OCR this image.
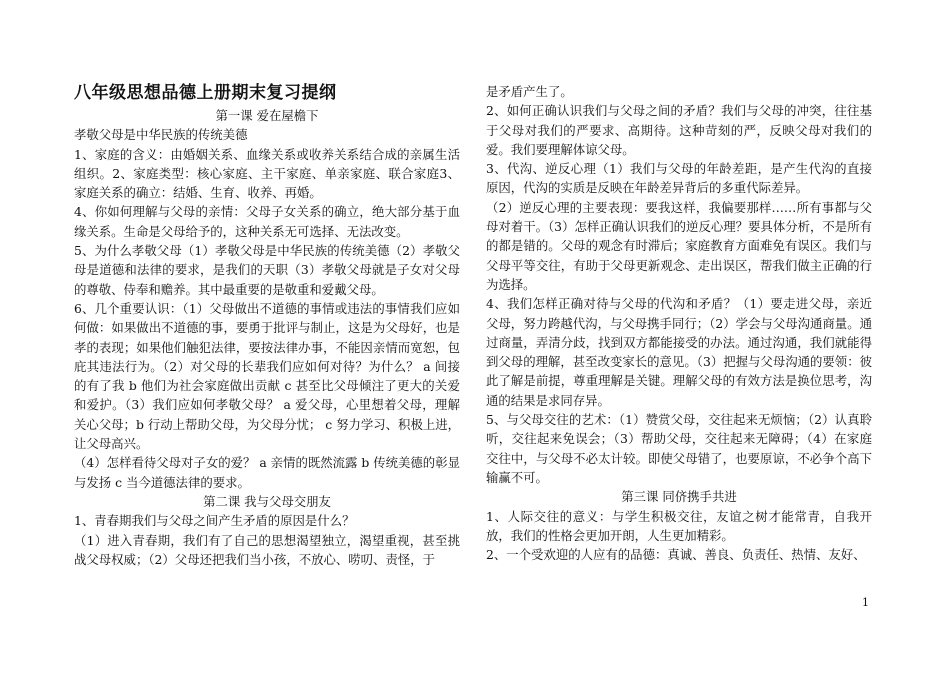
八年级思想品德上册期末复习提纲
第一课 爱在屋檐下
孝敬父母是中华民族的传统美德
1、家庭的含义：由婚姻关系、血缘关系或收养关系结合成的亲属生活组织。2、家庭类型：核心家庭、主干家庭、单亲家庭、联合家庭3、家庭关系的确立：结婚、生育、收养、再婚。
4、你如何理解与父母的亲情：父母子女关系的确立，绝大部分基于血缘关系。生命是父母给予的，这种关系无可选择、无法改变。
5、为什么孝敬父母（1）孝敬父母是中华民族的传统美德（2）孝敬父母是道德和法律的要求，是我们的天职（3）孝敬父母就是子女对父母的尊敬、侍奉和赡养。其中最重要的是敬重和爱戴父母。
6、几个重要认识：（1）父母做出不道德的事情或违法的事情我们应如何做：如果做出不道德的事，要勇于批评与制止，这是为父母好，也是孝的表现；如果他们触犯法律，要按法律办事，不能因亲情而宽恕，包庇其违法行为。（2）对父母的长辈我们应如何对待？为什么？ a 间接的有了我 b 他们为社会家庭做出贡献 c 甚至比父母倾注了更大的关爱和爱护。（3）我们应如何孝敬父母？ a 爱父母，心里想着父母，理解关心父母；b 行动上帮助父母，为父母分忧； c 努力学习、积极上进，让父母高兴。
（4）怎样看待父母对子女的爱？ a 亲情的既然流露 b 传统美德的彰显与发扬 c 当今道德法律的要求。
第二课 我与父母交朋友
1、青春期我们与父母之间产生矛盾的原因是什么？
（1）进入青春期，我们有了自己的思想渴望独立，渴望重视，甚至挑战父母权威；（2）父母还把我们当小孩，不放心、唠叨、责怪，于
是矛盾产生了。
2、如何正确认识我们与父母之间的矛盾？我们与父母的冲突，往往基于父母对我们的严要求、高期待。这种苛刻的严，反映父母对我们的爱。我们要理解体谅父母。
3、代沟、逆反心理（1）我们与父母的年龄差距，是产生代沟的直接原因，代沟的实质是反映在年龄差异背后的多重代际差异。
（2）逆反心理的主要表现：要我这样，我偏要那样……所有事都与父母对着干。（3）怎样正确认识我们的逆反心理？要具体分析，不是所有的都是错的。父母的观念有时滞后；家庭教育方面难免有误区。我们与父母平等交往，有助于父母更新观念、走出误区，帮我们做主正确的行为选择。
4、我们怎样正确对待与父母的代沟和矛盾？（1）要走进父母，亲近父母，努力跨越代沟，与父母携手同行；（2）学会与父母沟通商量。通过商量，弄清分歧，找到双方都能接受的办法。通过沟通，我们就能得到父母的理解，甚至改变家长的意见。（3）把握与父母沟通的要领：彼此了解是前提，尊重理解是关键。理解父母的有效方法是换位思考，沟通的结果是求同存异。
5、与父母交往的艺术：（1）赞赏父母，交往起来无烦恼；（2）认真聆听，交往起来免误会；（3）帮助父母，交往起来无障碍；（4）在家庭交往中，与父母不必太计较。即使父母错了，也要原谅，不必争个高下输赢不可。
第三课 同侪携手共进
1、人际交往的意义：与学生积极交往，友谊之树才能常青，自我开放，我们的性格会更加开朗，人生更加精彩。
2、一个受欢迎的人应有的品德：真诚、善良、负责任、热情、友好、
1
